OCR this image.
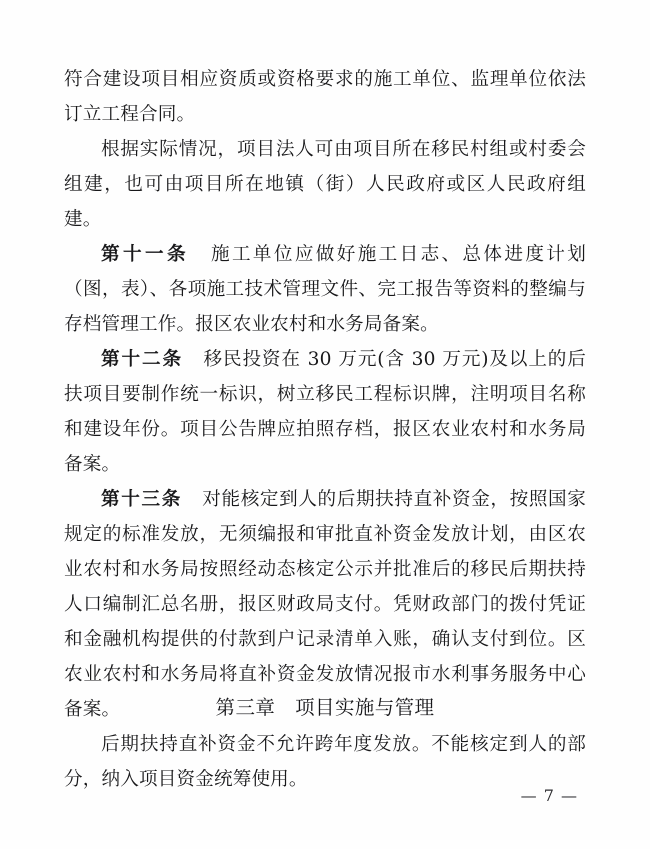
符合建设项目相应资质或资格要求的施工单位、监理单位依法订立工程合同。

根据实际情况，项目法人可由项目所在移民村组或村委会组建，也可由项目所在地镇（街）人民政府或区人民政府组建。

第十一条 施工单位应做好施工日志、总体进度计划（图，表）、各项施工技术管理文件、完工报告等资料的整编与存档管理工作。报区农业农村和水务局备案。

第十二条 移民投资在 30 万元(含 30 万元)及以上的后扶项目要制作统一标识，树立移民工程标识牌，注明项目名称和建设年份。项目公告牌应拍照存档，报区农业农村和水务局备案。

第十三条 对能核定到人的后期扶持直补资金，按照国家规定的标准发放，无须编报和审批直补资金发放计划，由区农业农村和水务局按照经动态核定公示并批准后的移民后期扶持人口编制汇总名册，报区财政局支付。凭财政部门的拨付凭证和金融机构提供的付款到户记录清单入账，确认支付到位。区农业农村和水务局将直补资金发放情况报市水利事务服务中心备案。

后期扶持直补资金不允许跨年度发放。不能核定到人的部分，纳入项目资金统筹使用。

第三章　项目实施与管理
— 7 —
